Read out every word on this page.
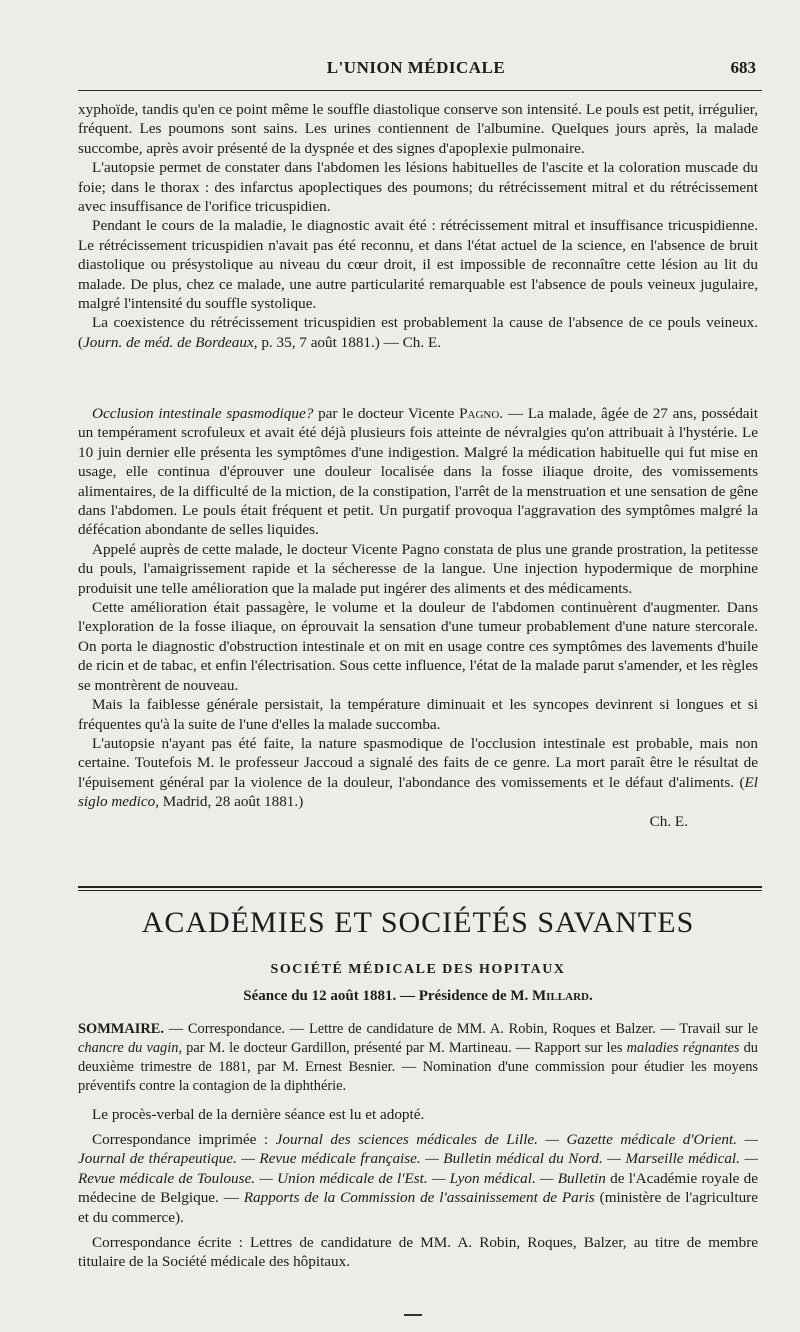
L'UNION MÉDICALE	683

xyphoïde, tandis qu'en ce point même le souffle diastolique conserve son intensité. Le pouls est petit, irrégulier, fréquent. Les poumons sont sains. Les urines contiennent de l'albumine. Quelques jours après, la malade succombe, après avoir présenté de la dyspnée et des signes d'apoplexie pulmonaire.

L'autopsie permet de constater dans l'abdomen les lésions habituelles de l'ascite et la coloration muscade du foie; dans le thorax : des infarctus apoplectiques des poumons; du rétrécissement mitral et du rétrécissement avec insuffisance de l'orifice tricuspidien.

Pendant le cours de la maladie, le diagnostic avait été : rétrécissement mitral et insuffisance tricuspidienne. Le rétrécissement tricuspidien n'avait pas été reconnu, et dans l'état actuel de la science, en l'absence de bruit diastolique ou présystolique au niveau du cœur droit, il est impossible de reconnaître cette lésion au lit du malade. De plus, chez ce malade, une autre particularité remarquable est l'absence de pouls veineux jugulaire, malgré l'intensité du souffle systolique.

La coexistence du rétrécissement tricuspidien est probablement la cause de l'absence de ce pouls veineux. (Journ. de méd. de Bordeaux, p. 35, 7 août 1881.) — Ch. E.

Occlusion intestinale spasmodique? par le docteur Vicente Pagno. — La malade, âgée de 27 ans, possédait un tempérament scrofuleux et avait été déjà plusieurs fois atteinte de névralgies qu'on attribuait à l'hystérie. Le 10 juin dernier elle présenta les symptômes d'une indigestion. Malgré la médication habituelle qui fut mise en usage, elle continua d'éprouver une douleur localisée dans la fosse iliaque droite, des vomissements alimentaires, de la difficulté de la miction, de la constipation, l'arrêt de la menstruation et une sensation de gêne dans l'abdomen. Le pouls était fréquent et petit. Un purgatif provoqua l'aggravation des symptômes malgré la défécation abondante de selles liquides.

Appelé auprès de cette malade, le docteur Vicente Pagno constata de plus une grande prostration, la petitesse du pouls, l'amaigrissement rapide et la sécheresse de la langue. Une injection hypodermique de morphine produisit une telle amélioration que la malade put ingérer des aliments et des médicaments.

Cette amélioration était passagère, le volume et la douleur de l'abdomen continuèrent d'augmenter. Dans l'exploration de la fosse iliaque, on éprouvait la sensation d'une tumeur probablement d'une nature stercorale. On porta le diagnostic d'obstruction intestinale et on mit en usage contre ces symptômes des lavements d'huile de ricin et de tabac, et enfin l'électrisation. Sous cette influence, l'état de la malade parut s'amender, et les règles se montrèrent de nouveau.

Mais la faiblesse générale persistait, la température diminuait et les syncopes devinrent si longues et si fréquentes qu'à la suite de l'une d'elles la malade succomba.

L'autopsie n'ayant pas été faite, la nature spasmodique de l'occlusion intestinale est probable, mais non certaine. Toutefois M. le professeur Jaccoud a signalé des faits de ce genre. La mort paraît être le résultat de l'épuisement général par la violence de la douleur, l'abondance des vomissements et le défaut d'aliments. (El siglo medico, Madrid, 28 août 1881.)

Ch. E.

ACADÉMIES ET SOCIÉTÉS SAVANTES
SOCIÉTÉ MÉDICALE DES HOPITAUX
Séance du 12 août 1881. — Présidence de M. Millard.
SOMMAIRE. — Correspondance. — Lettre de candidature de MM. A. Robin, Roques et Balzer. — Travail sur le chancre du vagin, par M. le docteur Gardillon, présenté par M. Martineau. — Rapport sur les maladies régnantes du deuxième trimestre de 1881, par M. Ernest Besnier. — Nomination d'une commission pour étudier les moyens préventifs contre la contagion de la diphthérie.

Le procès-verbal de la dernière séance est lu et adopté.

Correspondance imprimée : Journal des sciences médicales de Lille. — Gazette médicale d'Orient. — Journal de thérapeutique. — Revue médicale française. — Bulletin médical du Nord. — Marseille médical. — Revue médicale de Toulouse. — Union médicale de l'Est. — Lyon médical. — Bulletin de l'Académie royale de médecine de Belgique. — Rapports de la Commission de l'assainissement de Paris (ministère de l'agriculture et du commerce).

Correspondance écrite : Lettres de candidature de MM. A. Robin, Roques, Balzer, au titre de membre titulaire de la Société médicale des hôpitaux.
